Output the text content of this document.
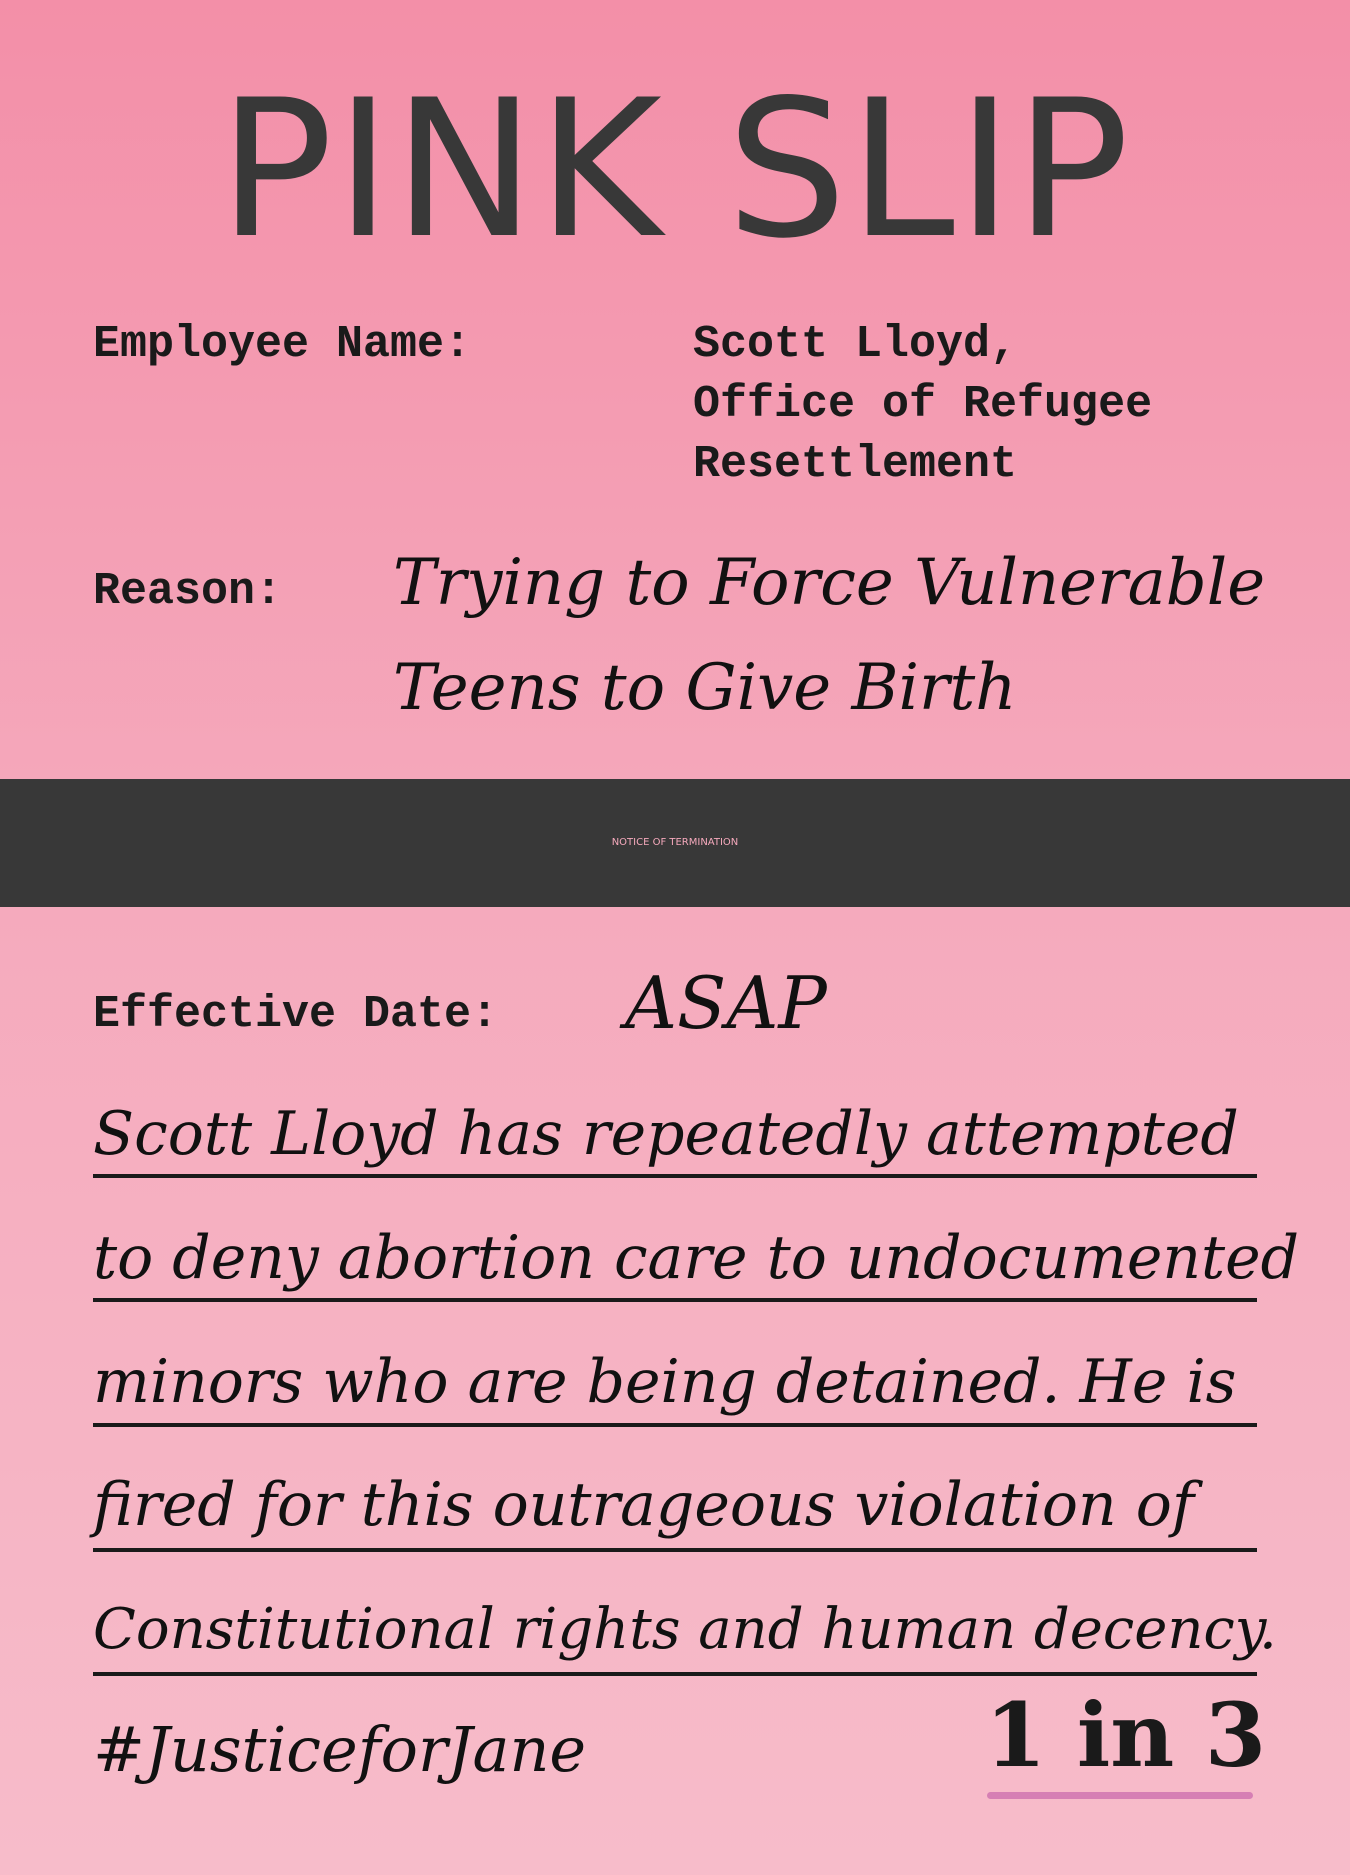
PINK SLIP
Employee Name:	Scott Lloyd,
Office of Refugee
Resettlement
Reason: Trying to Force Vulnerable
Teens to Give Birth
NOTICE OF TERMINATION
Effective Date: ASAP
Scott Lloyd has repeatedly attempted
to deny abortion care to undocumented
minors who are being detained. He is
fired for this outrageous violation of
Constitutional rights and human decency.
#JusticeforJane	1 in 3
